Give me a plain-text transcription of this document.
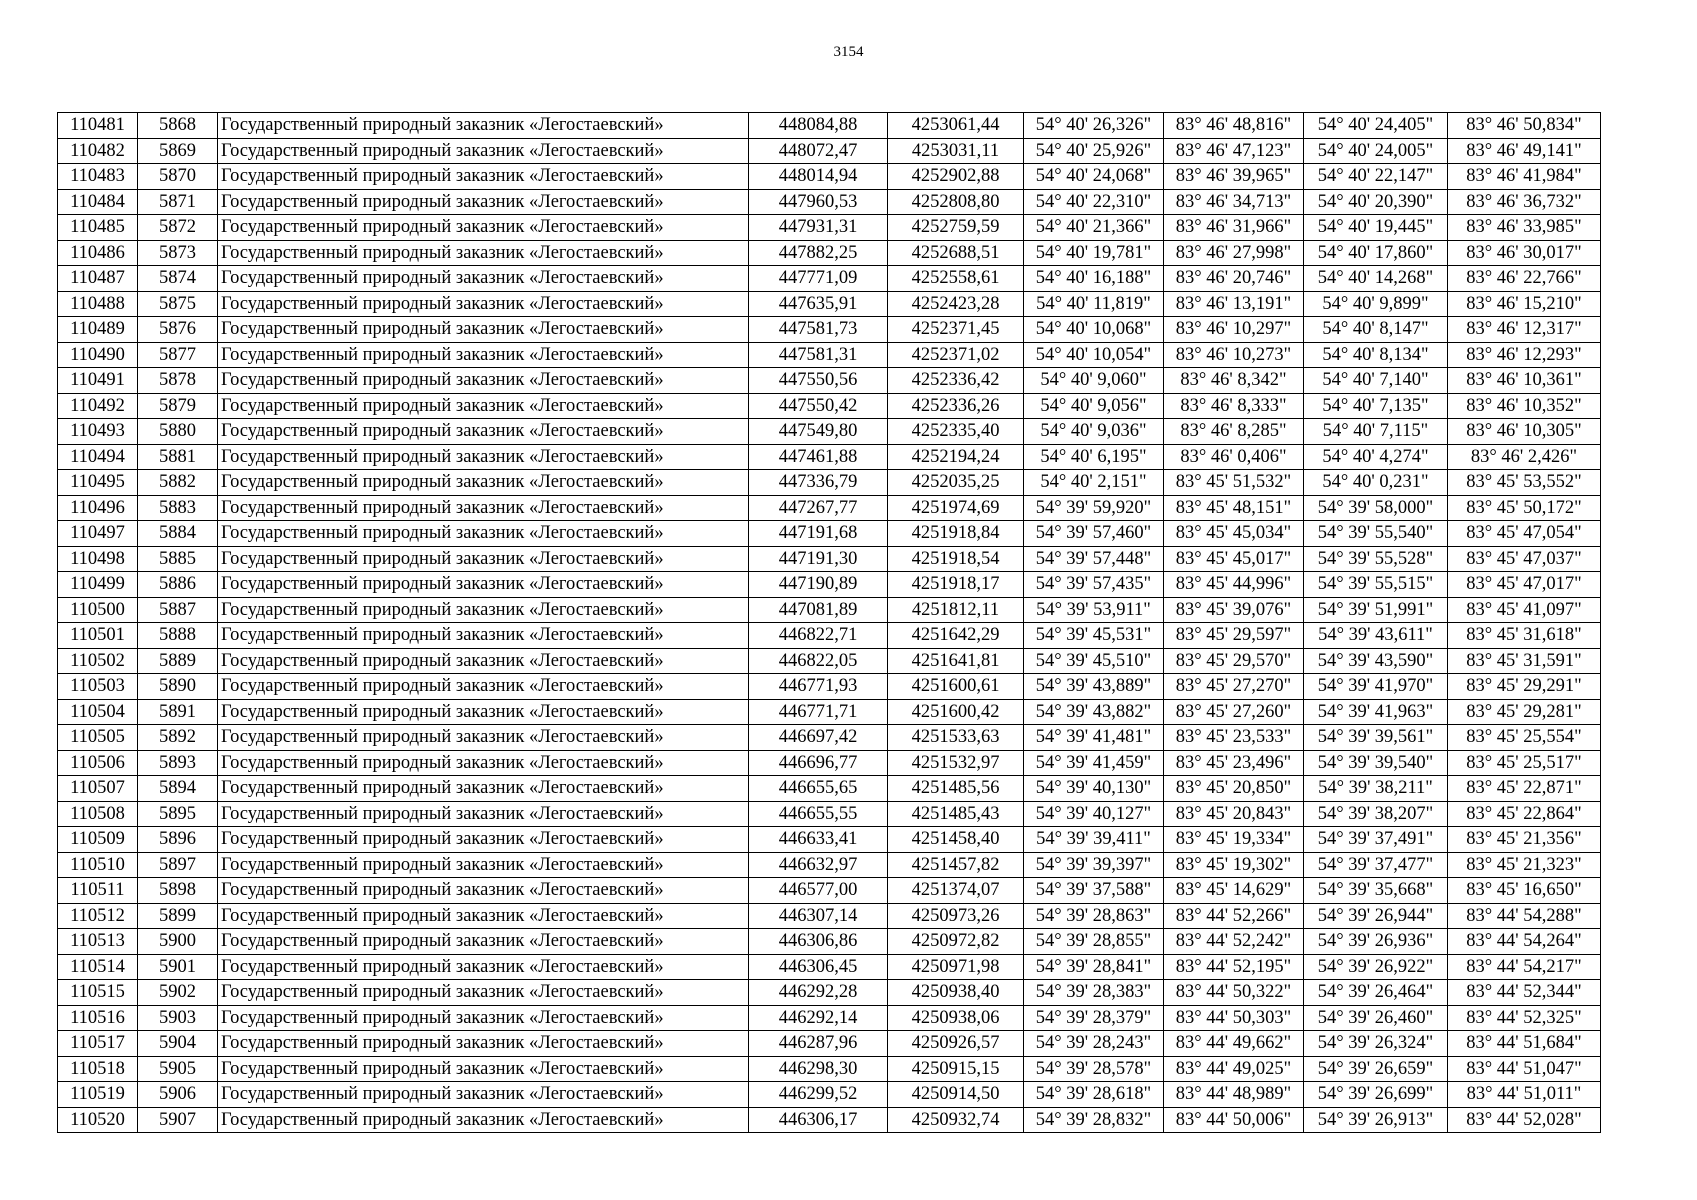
3154
110481	5868	Государственный природный заказник «Легостаевский»	448084,88	4253061,44	54° 40' 26,326"	83° 46' 48,816"	54° 40' 24,405"	83° 46' 50,834"
110482	5869	Государственный природный заказник «Легостаевский»	448072,47	4253031,11	54° 40' 25,926"	83° 46' 47,123"	54° 40' 24,005"	83° 46' 49,141"
110483	5870	Государственный природный заказник «Легостаевский»	448014,94	4252902,88	54° 40' 24,068"	83° 46' 39,965"	54° 40' 22,147"	83° 46' 41,984"
110484	5871	Государственный природный заказник «Легостаевский»	447960,53	4252808,80	54° 40' 22,310"	83° 46' 34,713"	54° 40' 20,390"	83° 46' 36,732"
110485	5872	Государственный природный заказник «Легостаевский»	447931,31	4252759,59	54° 40' 21,366"	83° 46' 31,966"	54° 40' 19,445"	83° 46' 33,985"
110486	5873	Государственный природный заказник «Легостаевский»	447882,25	4252688,51	54° 40' 19,781"	83° 46' 27,998"	54° 40' 17,860"	83° 46' 30,017"
110487	5874	Государственный природный заказник «Легостаевский»	447771,09	4252558,61	54° 40' 16,188"	83° 46' 20,746"	54° 40' 14,268"	83° 46' 22,766"
110488	5875	Государственный природный заказник «Легостаевский»	447635,91	4252423,28	54° 40' 11,819"	83° 46' 13,191"	54° 40' 9,899"	83° 46' 15,210"
110489	5876	Государственный природный заказник «Легостаевский»	447581,73	4252371,45	54° 40' 10,068"	83° 46' 10,297"	54° 40' 8,147"	83° 46' 12,317"
110490	5877	Государственный природный заказник «Легостаевский»	447581,31	4252371,02	54° 40' 10,054"	83° 46' 10,273"	54° 40' 8,134"	83° 46' 12,293"
110491	5878	Государственный природный заказник «Легостаевский»	447550,56	4252336,42	54° 40' 9,060"	83° 46' 8,342"	54° 40' 7,140"	83° 46' 10,361"
110492	5879	Государственный природный заказник «Легостаевский»	447550,42	4252336,26	54° 40' 9,056"	83° 46' 8,333"	54° 40' 7,135"	83° 46' 10,352"
110493	5880	Государственный природный заказник «Легостаевский»	447549,80	4252335,40	54° 40' 9,036"	83° 46' 8,285"	54° 40' 7,115"	83° 46' 10,305"
110494	5881	Государственный природный заказник «Легостаевский»	447461,88	4252194,24	54° 40' 6,195"	83° 46' 0,406"	54° 40' 4,274"	83° 46' 2,426"
110495	5882	Государственный природный заказник «Легостаевский»	447336,79	4252035,25	54° 40' 2,151"	83° 45' 51,532"	54° 40' 0,231"	83° 45' 53,552"
110496	5883	Государственный природный заказник «Легостаевский»	447267,77	4251974,69	54° 39' 59,920"	83° 45' 48,151"	54° 39' 58,000"	83° 45' 50,172"
110497	5884	Государственный природный заказник «Легостаевский»	447191,68	4251918,84	54° 39' 57,460"	83° 45' 45,034"	54° 39' 55,540"	83° 45' 47,054"
110498	5885	Государственный природный заказник «Легостаевский»	447191,30	4251918,54	54° 39' 57,448"	83° 45' 45,017"	54° 39' 55,528"	83° 45' 47,037"
110499	5886	Государственный природный заказник «Легостаевский»	447190,89	4251918,17	54° 39' 57,435"	83° 45' 44,996"	54° 39' 55,515"	83° 45' 47,017"
110500	5887	Государственный природный заказник «Легостаевский»	447081,89	4251812,11	54° 39' 53,911"	83° 45' 39,076"	54° 39' 51,991"	83° 45' 41,097"
110501	5888	Государственный природный заказник «Легостаевский»	446822,71	4251642,29	54° 39' 45,531"	83° 45' 29,597"	54° 39' 43,611"	83° 45' 31,618"
110502	5889	Государственный природный заказник «Легостаевский»	446822,05	4251641,81	54° 39' 45,510"	83° 45' 29,570"	54° 39' 43,590"	83° 45' 31,591"
110503	5890	Государственный природный заказник «Легостаевский»	446771,93	4251600,61	54° 39' 43,889"	83° 45' 27,270"	54° 39' 41,970"	83° 45' 29,291"
110504	5891	Государственный природный заказник «Легостаевский»	446771,71	4251600,42	54° 39' 43,882"	83° 45' 27,260"	54° 39' 41,963"	83° 45' 29,281"
110505	5892	Государственный природный заказник «Легостаевский»	446697,42	4251533,63	54° 39' 41,481"	83° 45' 23,533"	54° 39' 39,561"	83° 45' 25,554"
110506	5893	Государственный природный заказник «Легостаевский»	446696,77	4251532,97	54° 39' 41,459"	83° 45' 23,496"	54° 39' 39,540"	83° 45' 25,517"
110507	5894	Государственный природный заказник «Легостаевский»	446655,65	4251485,56	54° 39' 40,130"	83° 45' 20,850"	54° 39' 38,211"	83° 45' 22,871"
110508	5895	Государственный природный заказник «Легостаевский»	446655,55	4251485,43	54° 39' 40,127"	83° 45' 20,843"	54° 39' 38,207"	83° 45' 22,864"
110509	5896	Государственный природный заказник «Легостаевский»	446633,41	4251458,40	54° 39' 39,411"	83° 45' 19,334"	54° 39' 37,491"	83° 45' 21,356"
110510	5897	Государственный природный заказник «Легостаевский»	446632,97	4251457,82	54° 39' 39,397"	83° 45' 19,302"	54° 39' 37,477"	83° 45' 21,323"
110511	5898	Государственный природный заказник «Легостаевский»	446577,00	4251374,07	54° 39' 37,588"	83° 45' 14,629"	54° 39' 35,668"	83° 45' 16,650"
110512	5899	Государственный природный заказник «Легостаевский»	446307,14	4250973,26	54° 39' 28,863"	83° 44' 52,266"	54° 39' 26,944"	83° 44' 54,288"
110513	5900	Государственный природный заказник «Легостаевский»	446306,86	4250972,82	54° 39' 28,855"	83° 44' 52,242"	54° 39' 26,936"	83° 44' 54,264"
110514	5901	Государственный природный заказник «Легостаевский»	446306,45	4250971,98	54° 39' 28,841"	83° 44' 52,195"	54° 39' 26,922"	83° 44' 54,217"
110515	5902	Государственный природный заказник «Легостаевский»	446292,28	4250938,40	54° 39' 28,383"	83° 44' 50,322"	54° 39' 26,464"	83° 44' 52,344"
110516	5903	Государственный природный заказник «Легостаевский»	446292,14	4250938,06	54° 39' 28,379"	83° 44' 50,303"	54° 39' 26,460"	83° 44' 52,325"
110517	5904	Государственный природный заказник «Легостаевский»	446287,96	4250926,57	54° 39' 28,243"	83° 44' 49,662"	54° 39' 26,324"	83° 44' 51,684"
110518	5905	Государственный природный заказник «Легостаевский»	446298,30	4250915,15	54° 39' 28,578"	83° 44' 49,025"	54° 39' 26,659"	83° 44' 51,047"
110519	5906	Государственный природный заказник «Легостаевский»	446299,52	4250914,50	54° 39' 28,618"	83° 44' 48,989"	54° 39' 26,699"	83° 44' 51,011"
110520	5907	Государственный природный заказник «Легостаевский»	446306,17	4250932,74	54° 39' 28,832"	83° 44' 50,006"	54° 39' 26,913"	83° 44' 52,028"
